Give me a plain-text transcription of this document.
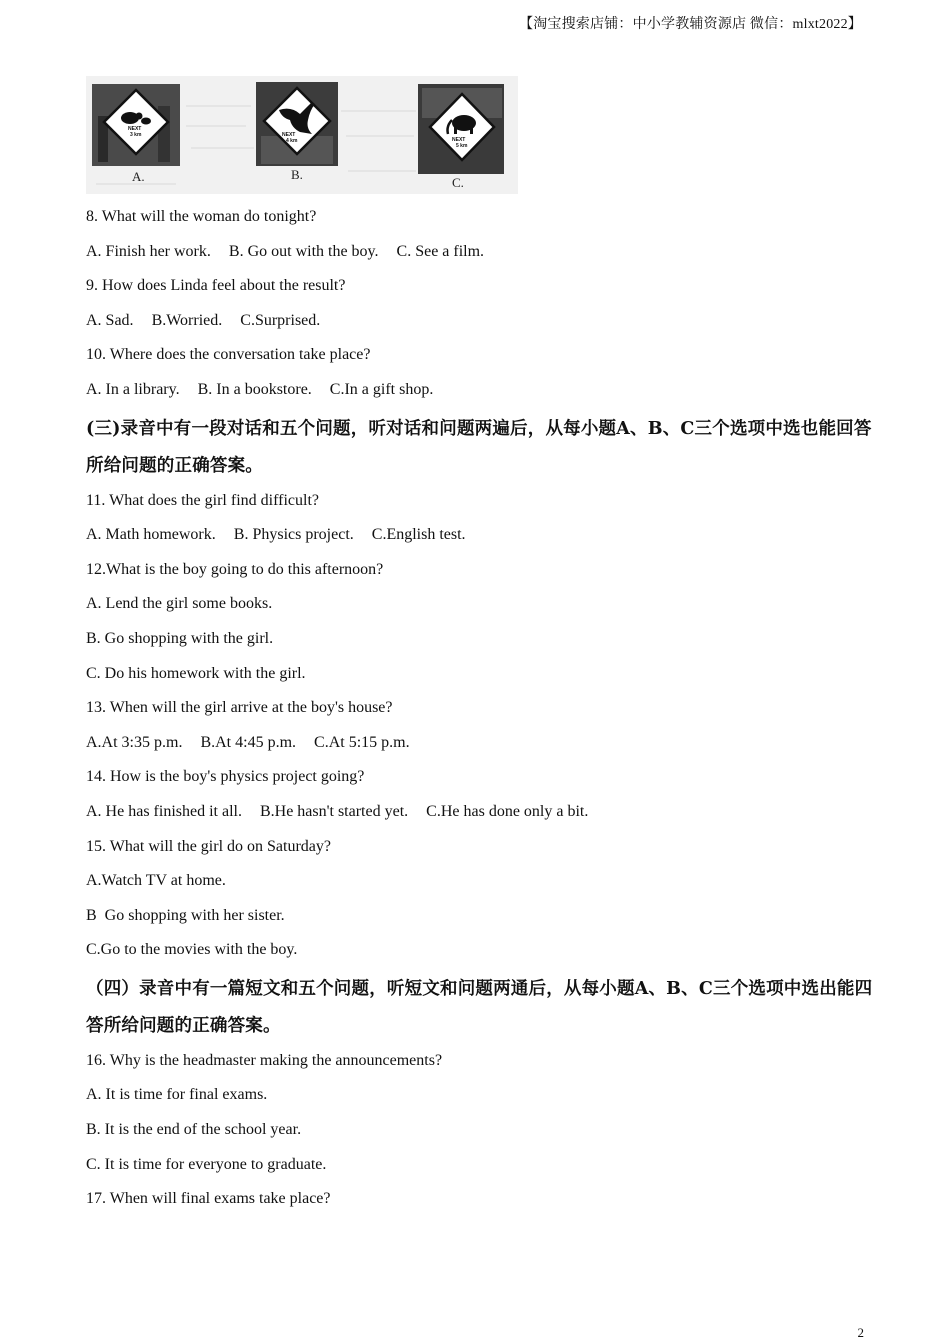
【淘宝搜索店铺：中小学教辅资源店 微信：mlxt2022】
NEXT
3 km
A.
NEXT
4 km
B.
NEXT
5 km
C.
8. What will the woman do tonight?
A. Finish her work. B. Go out with the boy. C. See a film.
9. How does Linda feel about the result?
A. Sad. B.Worried. C.Surprised.
10. Where does the conversation take place?
A. In a library. B. In a bookstore. C.In a gift shop.
(三)录音中有一段对话和五个问题，听对话和问题两遍后，从每小题A、B、C三个选项中选也能回答所给问题的正确答案。
11. What does the girl find difficult?
A. Math homework. B. Physics project. C.English test.
12.What is the boy going to do this afternoon?
A. Lend the girl some books.
B. Go shopping with the girl.
C. Do his homework with the girl.
13. When will the girl arrive at the boy's house?
A.At 3:35 p.m. B.At 4:45 p.m. C.At 5:15 p.m.
14. How is the boy's physics project going?
A. He has finished it all. B.He hasn't started yet. C.He has done only a bit.
15. What will the girl do on Saturday?
A.Watch TV at home.
B  Go shopping with her sister.
C.Go to the movies with the boy.
（四）录音中有一篇短文和五个问题，听短文和问题两通后，从每小题A、B、C三个选项中选出能四答所给问题的正确答案。
16. Why is the headmaster making the announcements?
A. It is time for final exams.
B. It is the end of the school year.
C. It is time for everyone to graduate.
17. When will final exams take place?
2
